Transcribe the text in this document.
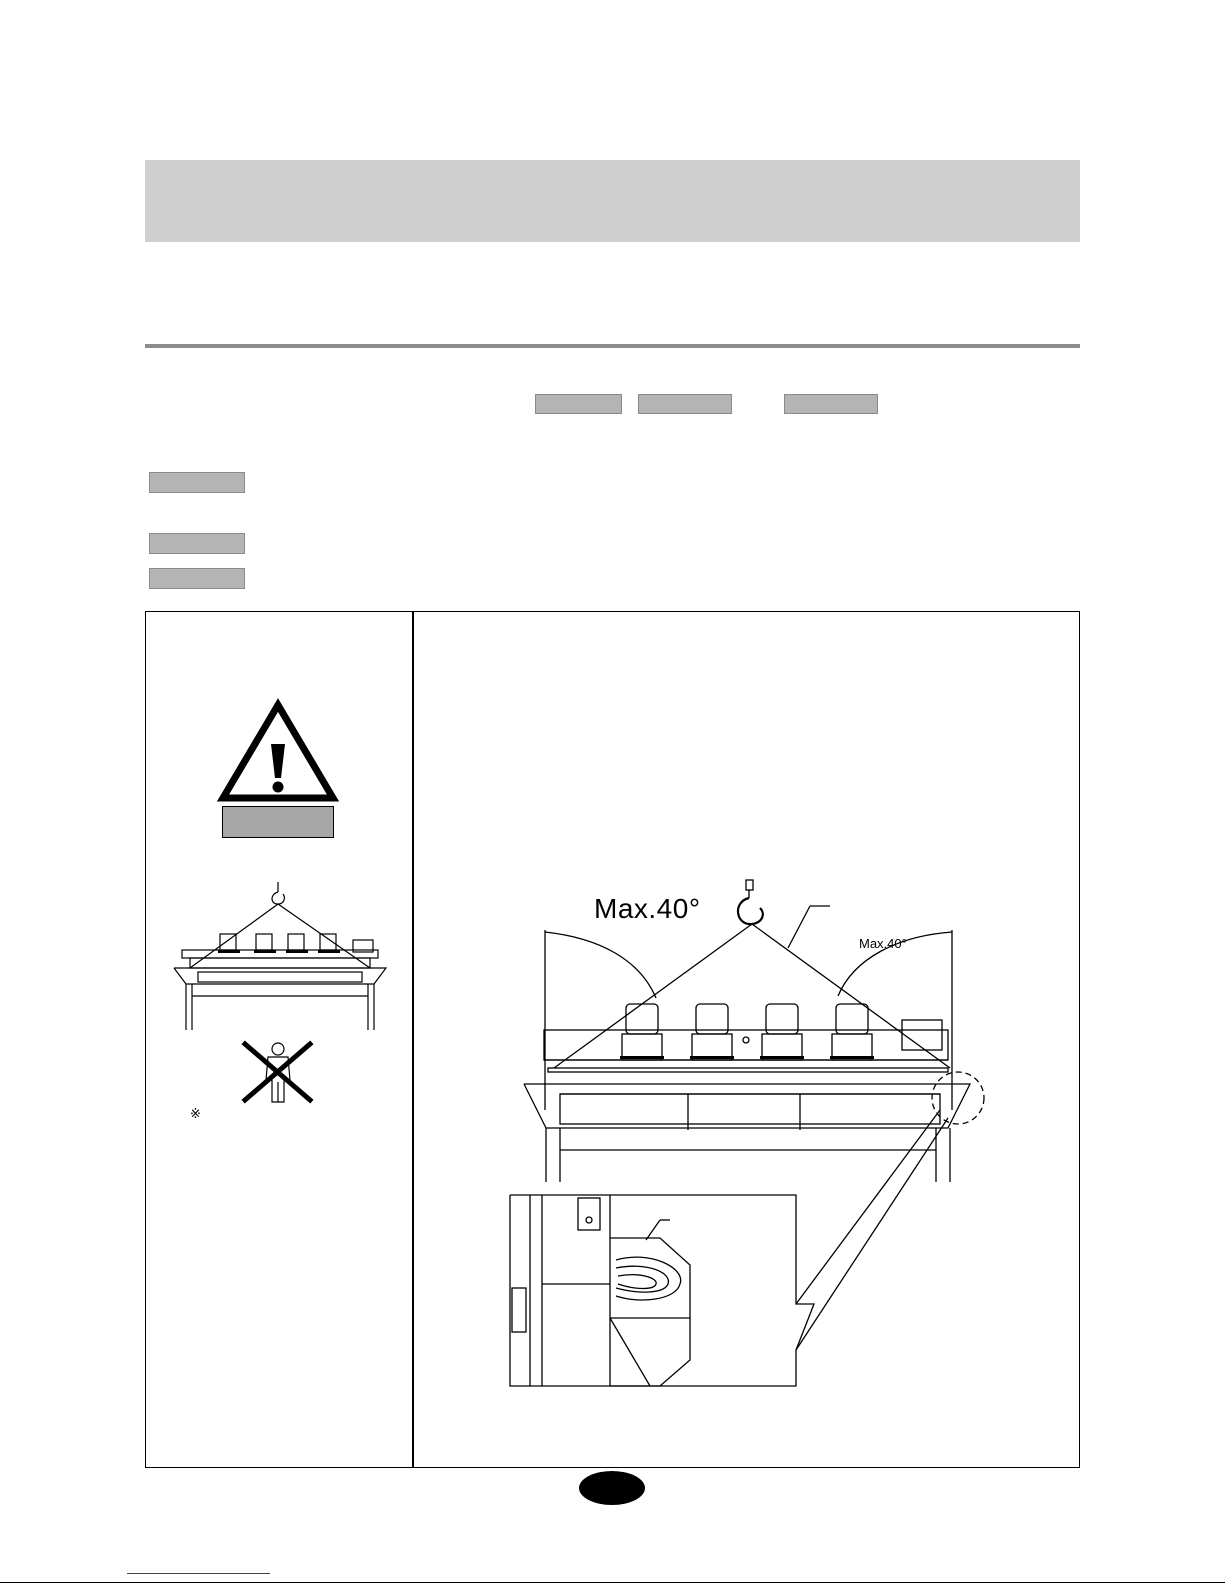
※
Max.40°
Max.40°
